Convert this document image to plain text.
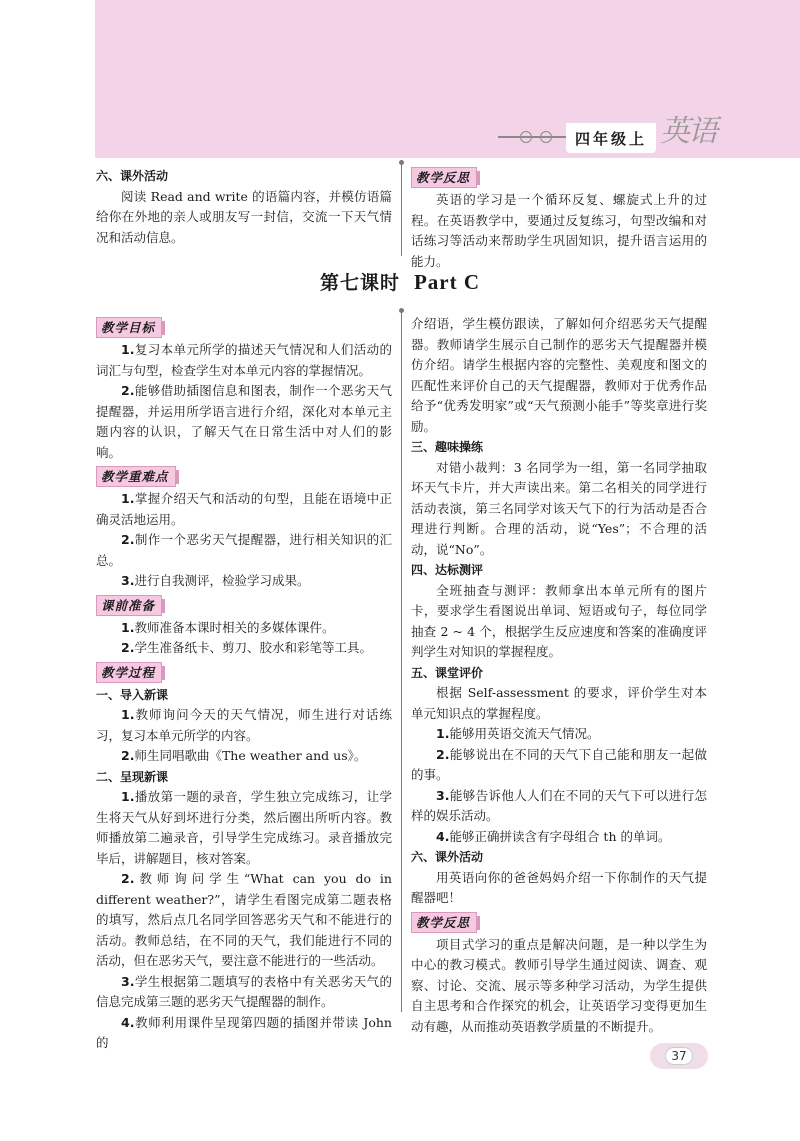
四年级上 英语
六、课外活动

阅读 Read and write 的语篇内容，并模仿语篇给你在外地的亲人或朋友写一封信，交流一下天气情况和活动信息。

教学反思

英语的学习是一个循环反复、螺旋式上升的过程。在英语教学中，要通过反复练习，句型改编和对话练习等活动来帮助学生巩固知识，提升语言运用的能力。

第七课时 Part C
教学目标

1.复习本单元所学的描述天气情况和人们活动的词汇与句型，检查学生对本单元内容的掌握情况。

2.能够借助插图信息和图表，制作一个恶劣天气提醒器，并运用所学语言进行介绍，深化对本单元主题内容的认识，了解天气在日常生活中对人们的影响。

教学重难点

1.掌握介绍天气和活动的句型，且能在语境中正确灵活地运用。

2.制作一个恶劣天气提醒器，进行相关知识的汇总。

3.进行自我测评，检验学习成果。

课前准备

1.教师准备本课时相关的多媒体课件。

2.学生准备纸卡、剪刀、胶水和彩笔等工具。

教学过程
一、导入新课

1.教师询问今天的天气情况，师生进行对话练习，复习本单元所学的内容。

2.师生同唱歌曲《The weather and us》。

二、呈现新课

1.播放第一题的录音，学生独立完成练习，让学生将天气从好到坏进行分类，然后圈出所听内容。教师播放第二遍录音，引导学生完成练习。录音播放完毕后，讲解题目，核对答案。

2.教师询问学生“What can you do in different weather?”，请学生看图完成第二题表格的填写，然后点几名同学回答恶劣天气和不能进行的活动。教师总结，在不同的天气，我们能进行不同的活动，但在恶劣天气，要注意不能进行的一些活动。

3.学生根据第二题填写的表格中有关恶劣天气的信息完成第三题的恶劣天气提醒器的制作。

4.教师利用课件呈现第四题的插图并带读 John 的

介绍语，学生模仿跟读，了解如何介绍恶劣天气提醒器。教师请学生展示自己制作的恶劣天气提醒器并模仿介绍。请学生根据内容的完整性、美观度和图文的匹配性来评价自己的天气提醒器，教师对于优秀作品给予“优秀发明家”或“天气预测小能手”等奖章进行奖励。

三、趣味操练

对错小裁判：3 名同学为一组，第一名同学抽取坏天气卡片，并大声读出来。第二名相关的同学进行活动表演，第三名同学对该天气下的行为活动是否合理进行判断。合理的活动，说“Yes”；不合理的活动，说“No”。

四、达标测评

全班抽查与测评：教师拿出本单元所有的图片卡，要求学生看图说出单词、短语或句子，每位同学抽查 2 ~ 4 个，根据学生反应速度和答案的准确度评判学生对知识的掌握程度。

五、课堂评价

根据 Self-assessment 的要求，评价学生对本单元知识点的掌握程度。

1.能够用英语交流天气情况。

2.能够说出在不同的天气下自己能和朋友一起做的事。

3.能够告诉他人人们在不同的天气下可以进行怎样的娱乐活动。

4.能够正确拼读含有字母组合 th 的单词。

六、课外活动

用英语向你的爸爸妈妈介绍一下你制作的天气提醒器吧！

教学反思

项目式学习的重点是解决问题，是一种以学生为中心的教习模式。教师引导学生通过阅读、调查、观察、讨论、交流、展示等多种学习活动，为学生提供自主思考和合作探究的机会，让英语学习变得更加生动有趣，从而推动英语教学质量的不断提升。

37
